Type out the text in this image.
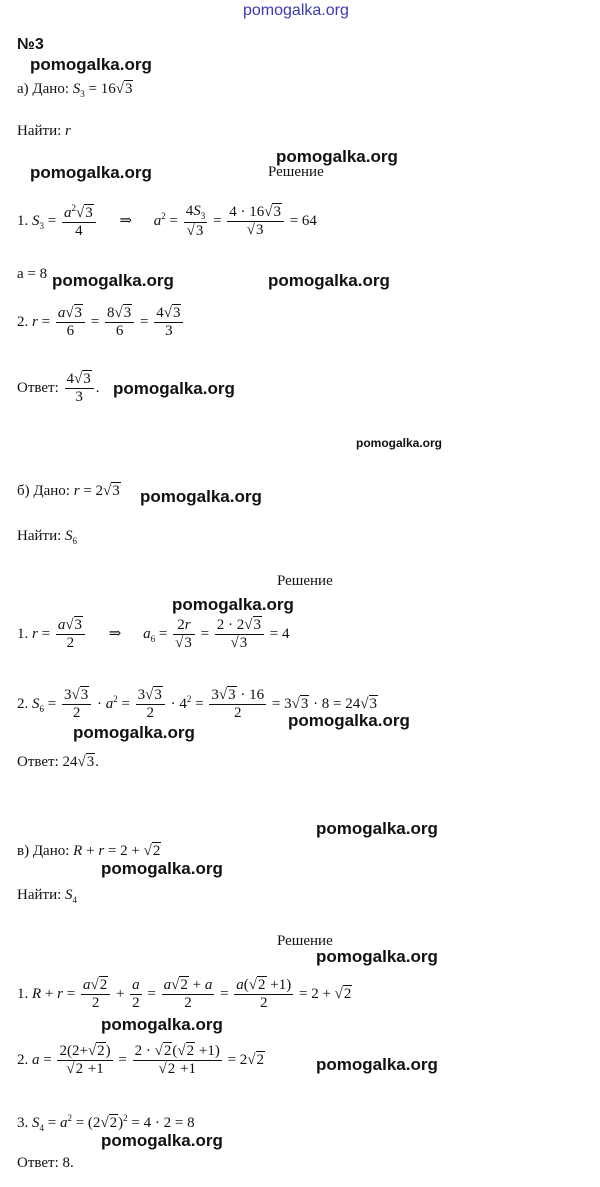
pomogalka.org
№3
pomogalka.org
а) Дано: $S_3 = 16√3$
Найти: r
pomogalka.org
pomogalka.org	Решение
1. $S_3 = \frac{a^2√3}{4}$ ⇒ $a^2 = \frac{4S_3}{√3} = \frac{4 \cdot 16√3}{√3} = 64$
a = 8 pomogalka.org	pomogalka.org
2. $r = \frac{a√3}{6} = \frac{8√3}{6} = \frac{4√3}{3}$
Ответ: $\frac{4√3}{3}$ . pomogalka.org
pomogalka.org
б) Дано: r = 2√3 pomogalka.org
Найти: $S_6$
Решение
pomogalka.org
1. $r = \frac{a√3}{2}$ ⇒ $a_6 = \frac{2r}{√3} = \frac{2 \cdot 2√3}{√3} = 4$
2. $S_6 = \frac{3√3}{2} \cdot a^2 = \frac{3√3}{2} \cdot 4^2 = \frac{3√3 \cdot 16}{2} = 3√3 \cdot 8 = 24√3$
pomogalka.org
pomogalka.org
Ответ: 24√3.
pomogalka.org
в) Дано: R + r = 2 + √2
pomogalka.org
Найти: $S_4$
Решение
pomogalka.org
1. $R + r = \frac{a√2}{2} + \frac{a}{2} = \frac{a√2 + a}{2} = \frac{a(√2 +1)}{2} = 2 + √2$
pomogalka.org
2. $a = \frac{2(2+√2)}{√2 +1} = \frac{2 \cdot √2(√2 +1)}{√2 +1} = 2√2$	pomogalka.org
3. $S_4 = a^2 = (2√2)^2 = 4 \cdot 2 = 8$
pomogalka.org
Ответ: 8.
